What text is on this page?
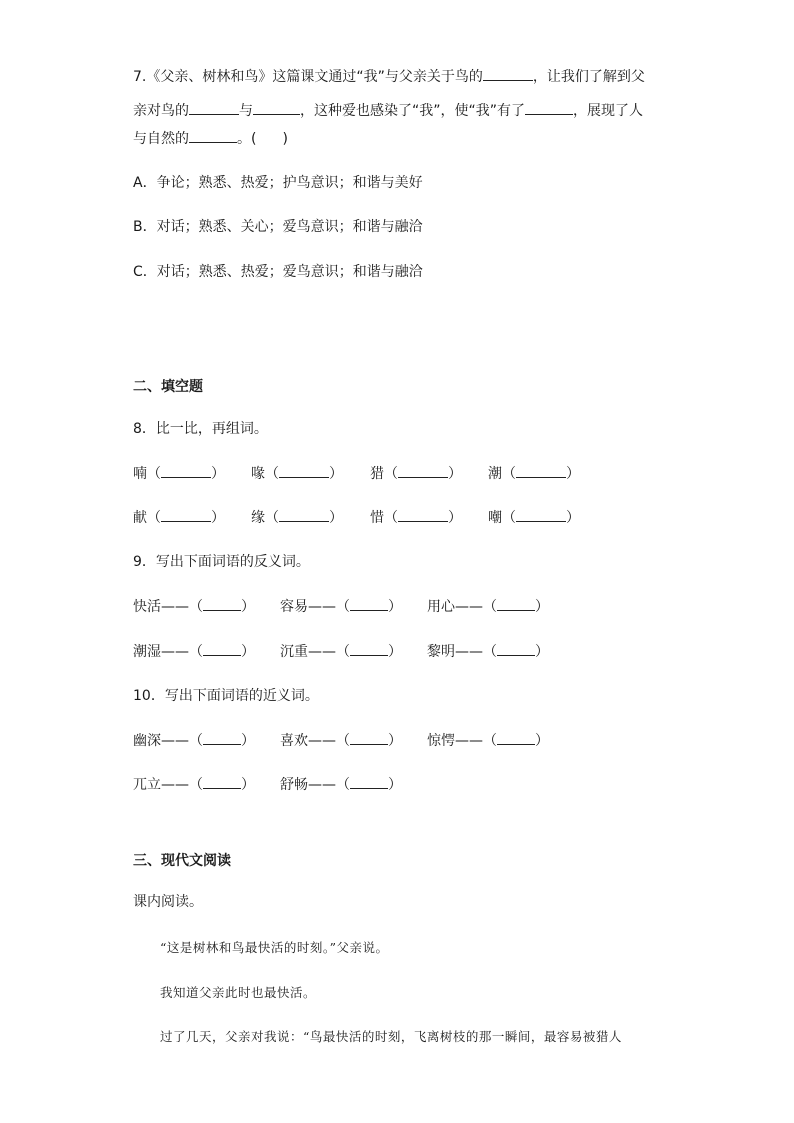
7.《父亲、树林和鸟》这篇课文通过“我”与父亲关于鸟的	，让我们了解到父
亲对鸟的	与	，这种爱也感染了“我”，使“我”有了	，展现了人
与自然的	。( )
A．争论；熟悉、热爱；护鸟意识；和谐与美好
B．对话；熟悉、关心；爱鸟意识；和谐与融洽
C．对话；熟悉、热爱；爱鸟意识；和谐与融洽
二、填空题
8．比一比，再组词。
喃（	） 喙（	） 猎（	） 潮（	）
献（	） 缘（	） 惜（	） 嘲（	）
9．写出下面词语的反义词。
快活——（	） 容易——（	） 用心——（	）
潮湿——（	） 沉重——（	） 黎明——（	）
10．写出下面词语的近义词。
幽深——（	） 喜欢——（	） 惊愕——（	）
兀立——（	） 舒畅——（	）
三、现代文阅读
课内阅读。
“这是树林和鸟最快活的时刻。”父亲说。
我知道父亲此时也最快活。
过了几天，父亲对我说：“鸟最快活的时刻，飞离树枝的那一瞬间，最容易被猎人
